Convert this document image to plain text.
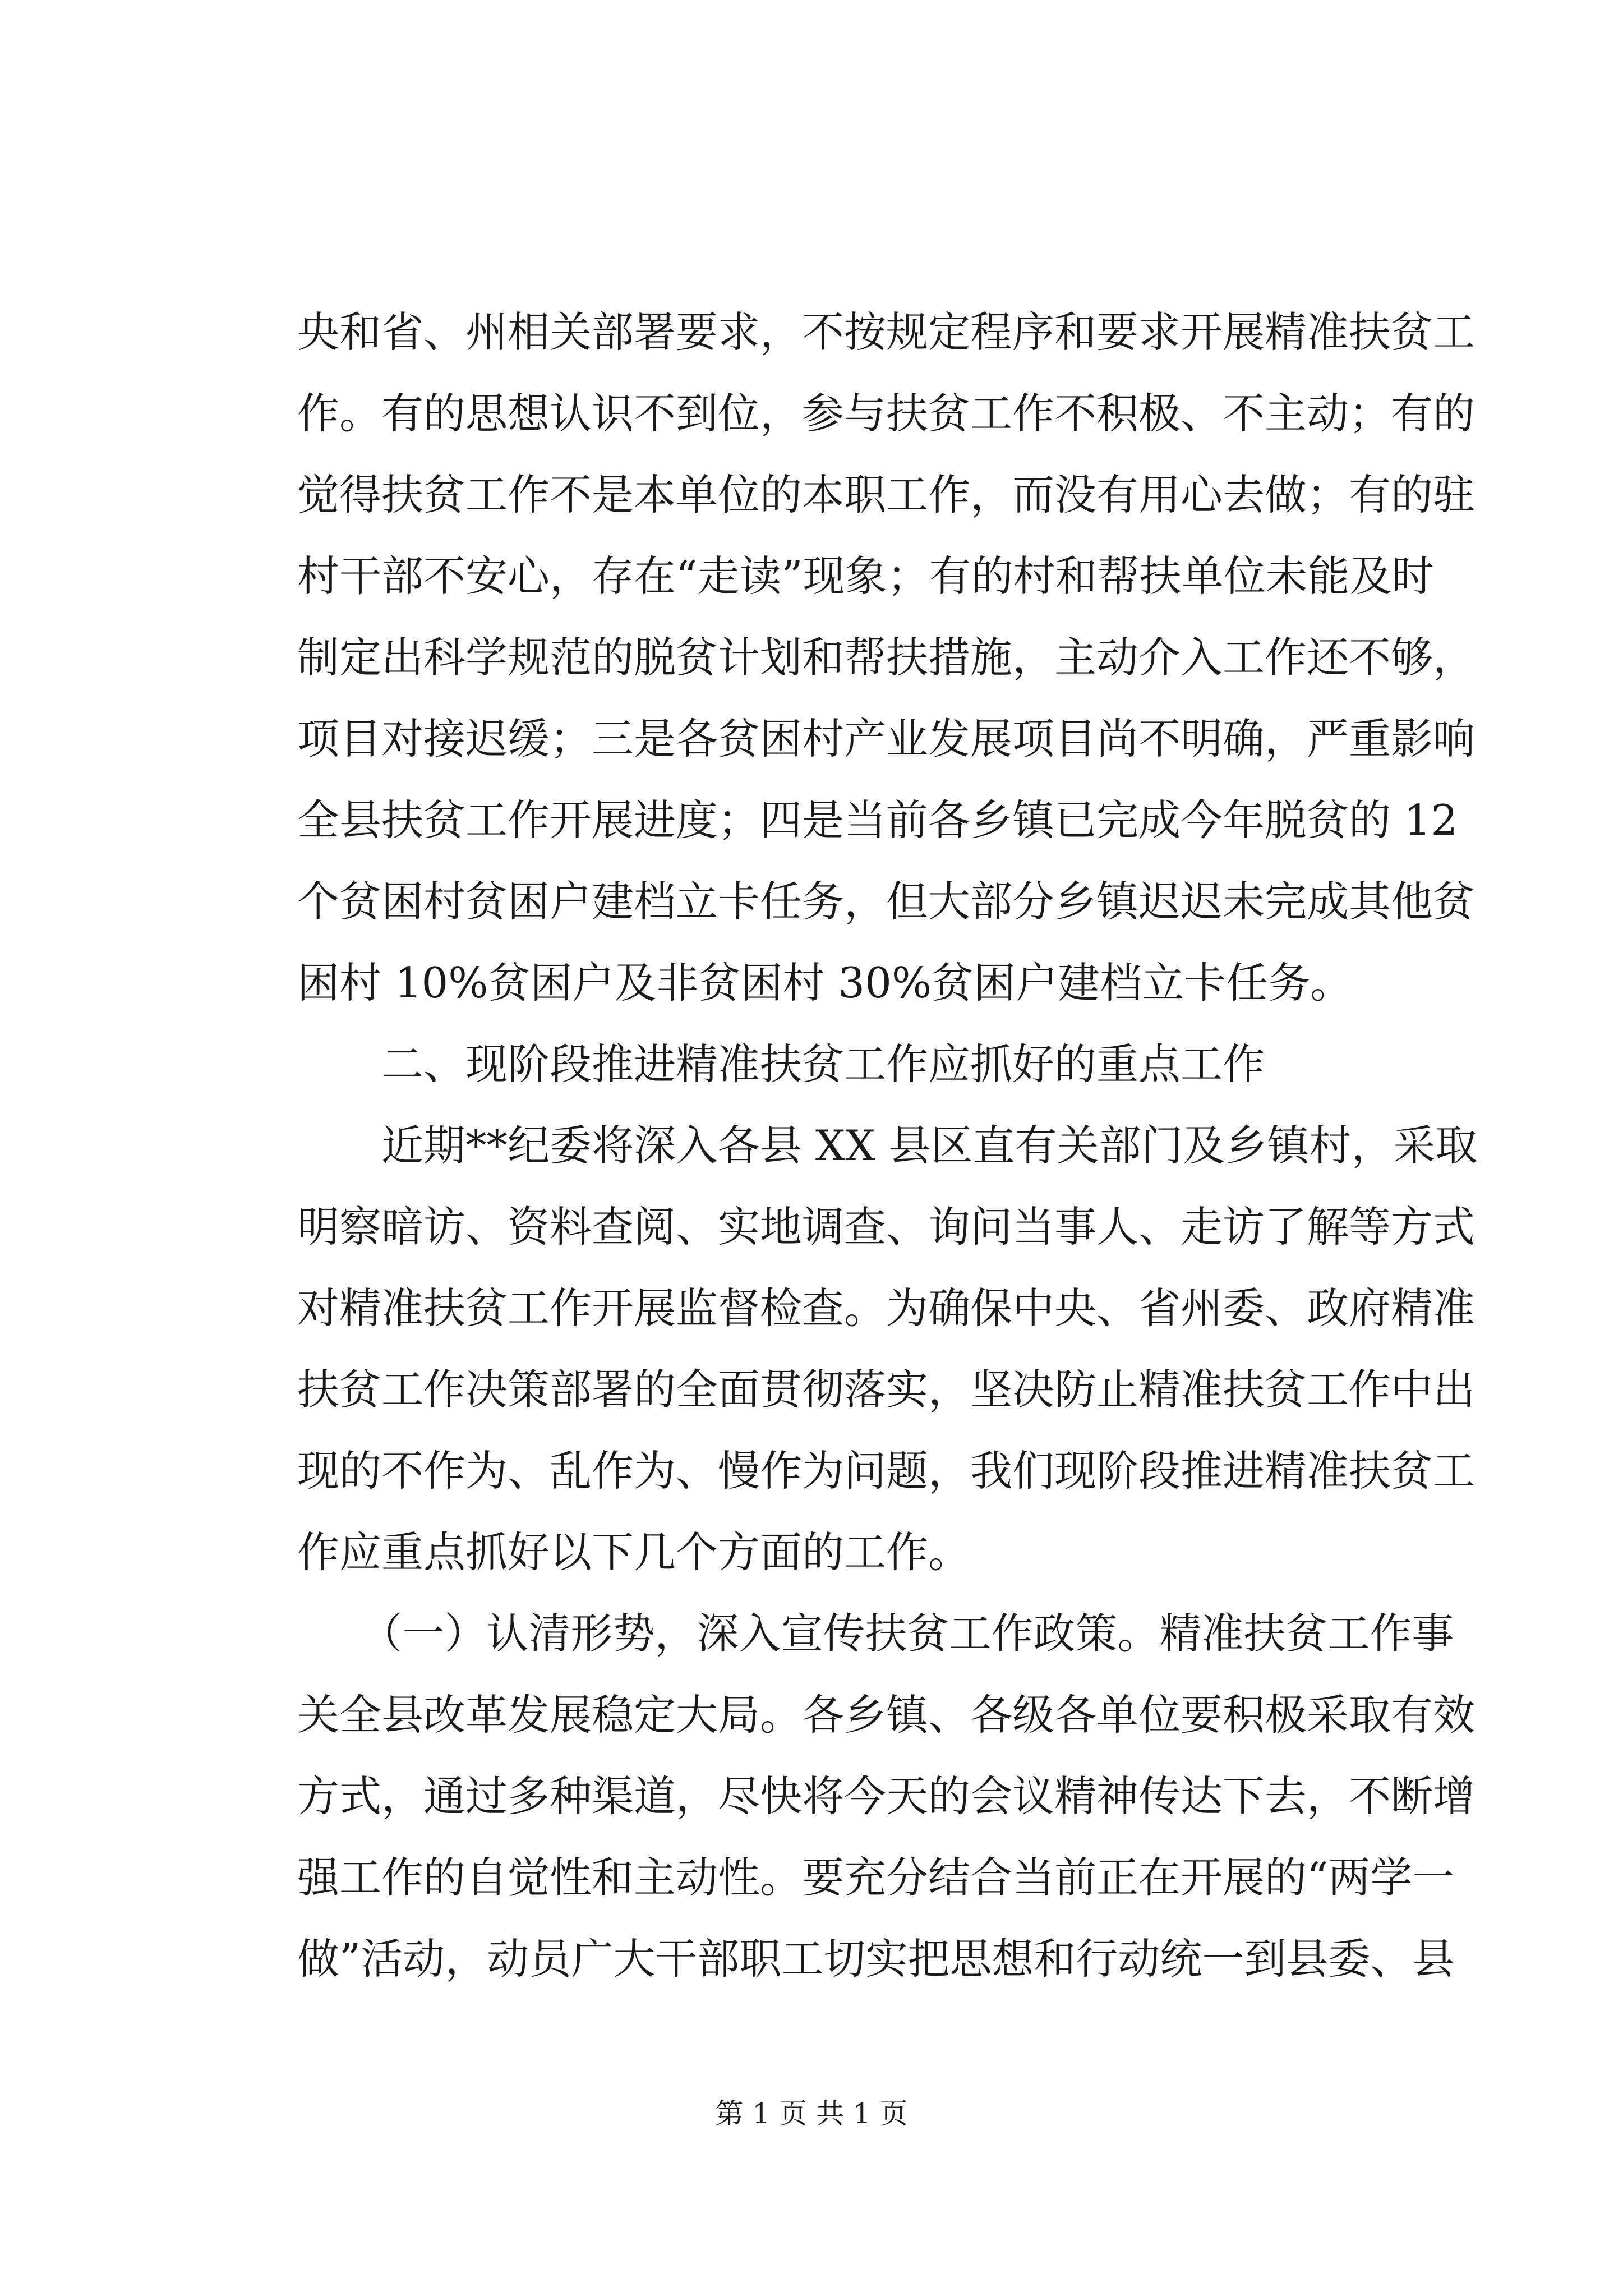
央和省、州相关部署要求，不按规定程序和要求开展精准扶贫工
作。有的思想认识不到位，参与扶贫工作不积极、不主动；有的
觉得扶贫工作不是本单位的本职工作，而没有用心去做；有的驻
村干部不安心，存在“走读”现象；有的村和帮扶单位未能及时
制定出科学规范的脱贫计划和帮扶措施，主动介入工作还不够，
项目对接迟缓；三是各贫困村产业发展项目尚不明确，严重影响
全县扶贫工作开展进度；四是当前各乡镇已完成今年脱贫的 12
个贫困村贫困户建档立卡任务，但大部分乡镇迟迟未完成其他贫
困村 10%贫困户及非贫困村 30%贫困户建档立卡任务。
　　二、现阶段推进精准扶贫工作应抓好的重点工作
　　近期**纪委将深入各县 XX 县区直有关部门及乡镇村，采取
明察暗访、资料查阅、实地调查、询问当事人、走访了解等方式
对精准扶贫工作开展监督检查。为确保中央、省州委、政府精准
扶贫工作决策部署的全面贯彻落实，坚决防止精准扶贫工作中出
现的不作为、乱作为、慢作为问题，我们现阶段推进精准扶贫工
作应重点抓好以下几个方面的工作。
　　（一）认清形势，深入宣传扶贫工作政策。精准扶贫工作事
关全县改革发展稳定大局。各乡镇、各级各单位要积极采取有效
方式，通过多种渠道，尽快将今天的会议精神传达下去，不断增
强工作的自觉性和主动性。要充分结合当前正在开展的“两学一
做”活动，动员广大干部职工切实把思想和行动统一到县委、县
第 1 页 共 1 页
